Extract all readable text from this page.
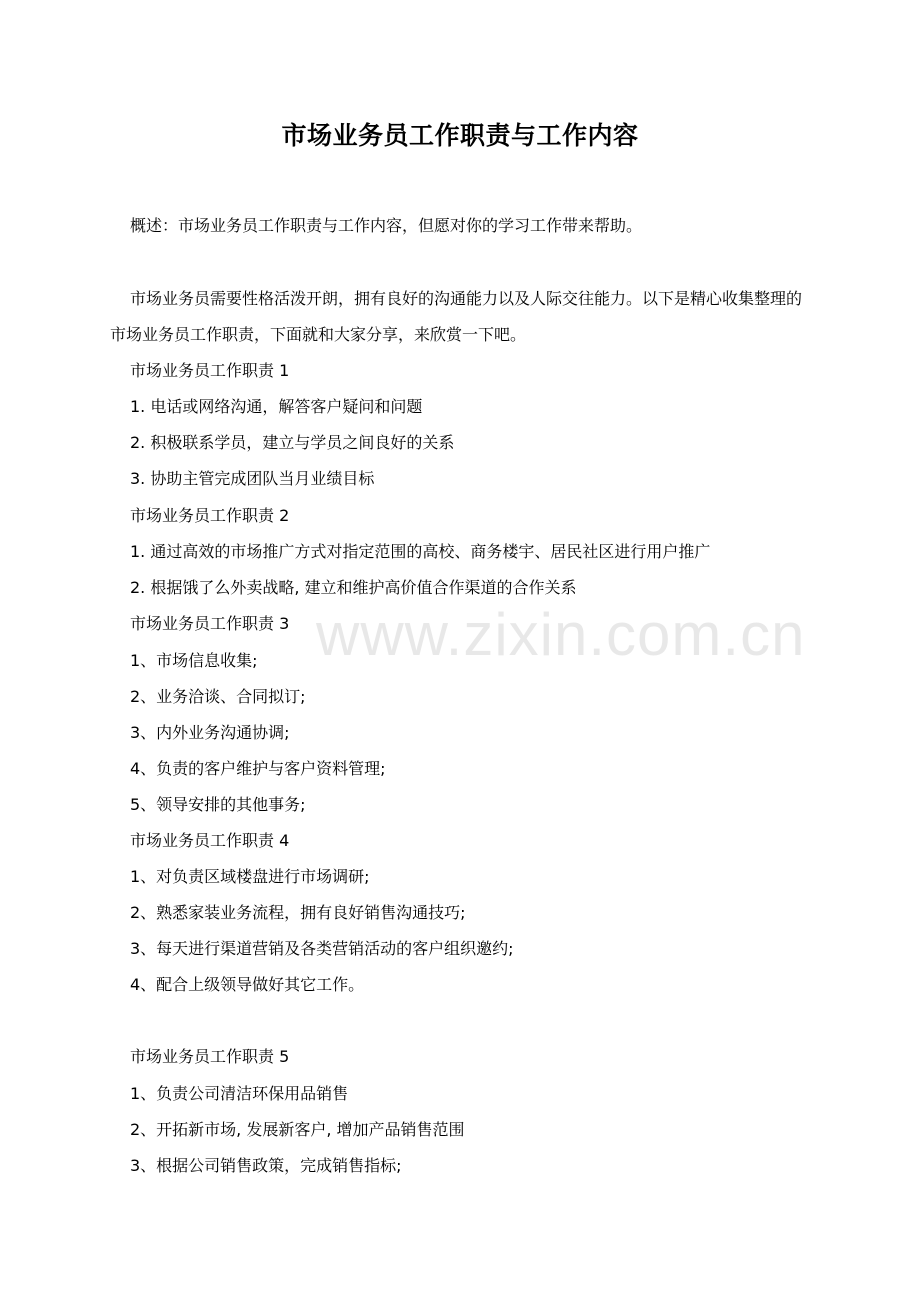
www.zixin.com.cn
市场业务员工作职责与工作内容
概述：市场业务员工作职责与工作内容，但愿对你的学习工作带来帮助。
市场业务员需要性格活泼开朗，拥有良好的沟通能力以及人际交往能力。以下是精心收集整理的市场业务员工作职责，下面就和大家分享，来欣赏一下吧。
市场业务员工作职责 1
1. 电话或网络沟通，解答客户疑问和问题
2. 积极联系学员，建立与学员之间良好的关系
3. 协助主管完成团队当月业绩目标
市场业务员工作职责 2
1. 通过高效的市场推广方式对指定范围的高校、商务楼宇、居民社区进行用户推广
2. 根据饿了么外卖战略, 建立和维护高价值合作渠道的合作关系
市场业务员工作职责 3
1、市场信息收集;
2、业务洽谈、合同拟订;
3、内外业务沟通协调;
4、负责的客户维护与客户资料管理;
5、领导安排的其他事务;
市场业务员工作职责 4
1、对负责区域楼盘进行市场调研;
2、熟悉家装业务流程，拥有良好销售沟通技巧;
3、每天进行渠道营销及各类营销活动的客户组织邀约;
4、配合上级领导做好其它工作。
市场业务员工作职责 5
1、负责公司清洁环保用品销售
2、开拓新市场, 发展新客户, 增加产品销售范围
3、根据公司销售政策，完成销售指标;
